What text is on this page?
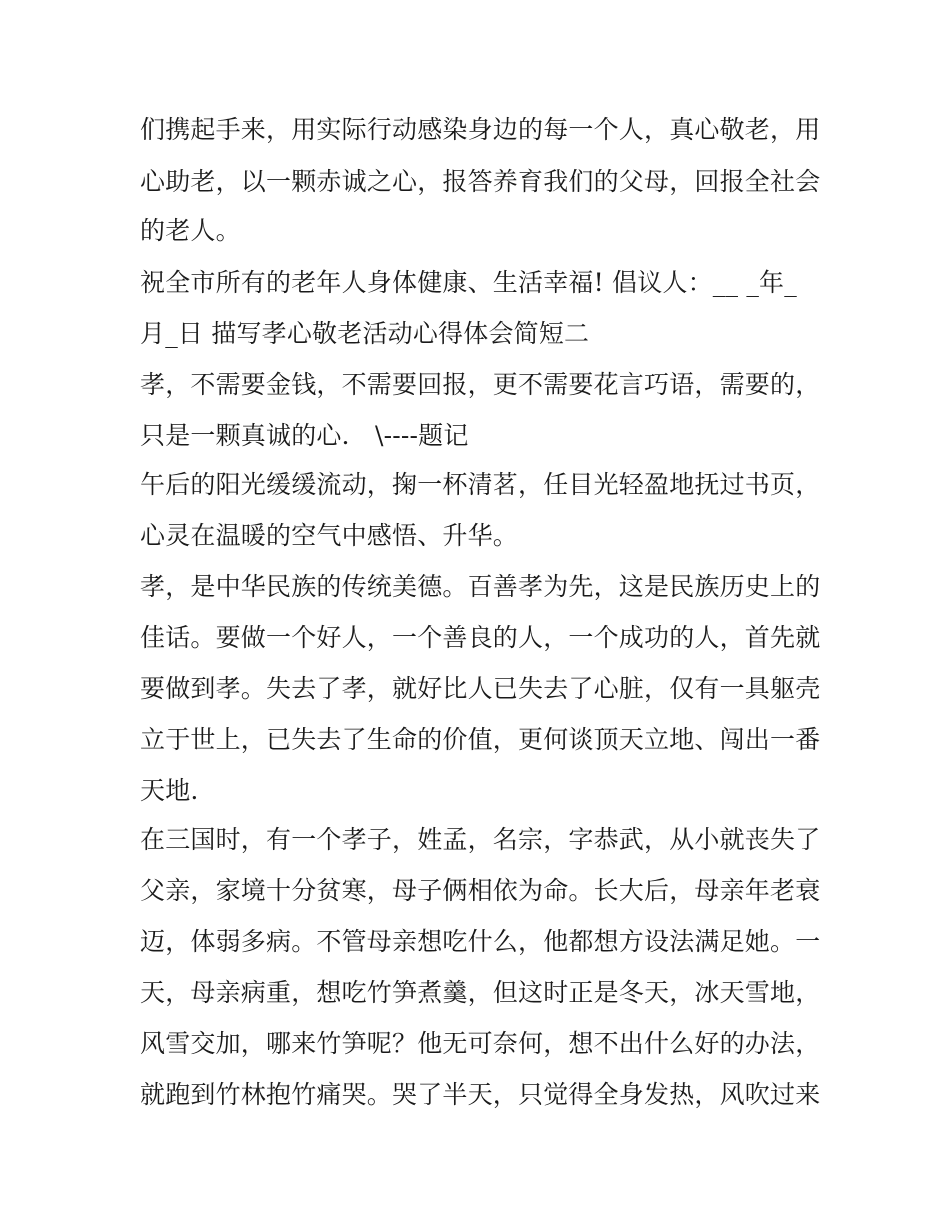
们携起手来，用实际行动感染身边的每一个人，真心敬老，用
心助老，以一颗赤诚之心，报答养育我们的父母，回报全社会
的老人。
祝全市所有的老年人身体健康、生活幸福! 倡议人：__ _年_
月_日 描写孝心敬老活动心得体会简短二
孝，不需要金钱，不需要回报，更不需要花言巧语，需要的，
只是一颗真诚的心． \----题记
午后的阳光缓缓流动，掬一杯清茗，任目光轻盈地抚过书页，
心灵在温暖的空气中感悟、升华。
孝，是中华民族的传统美德。百善孝为先，这是民族历史上的
佳话。要做一个好人，一个善良的人，一个成功的人，首先就
要做到孝。失去了孝，就好比人已失去了心脏，仅有一具躯壳
立于世上，已失去了生命的价值，更何谈顶天立地、闯出一番
天地.
在三国时，有一个孝子，姓孟，名宗，字恭武，从小就丧失了
父亲，家境十分贫寒，母子俩相依为命。长大后，母亲年老衰
迈，体弱多病。不管母亲想吃什么，他都想方设法满足她。一
天，母亲病重，想吃竹笋煮羹，但这时正是冬天，冰天雪地，
风雪交加，哪来竹笋呢？他无可奈何，想不出什么好的办法，
就跑到竹林抱竹痛哭。哭了半天，只觉得全身发热，风吹过来
